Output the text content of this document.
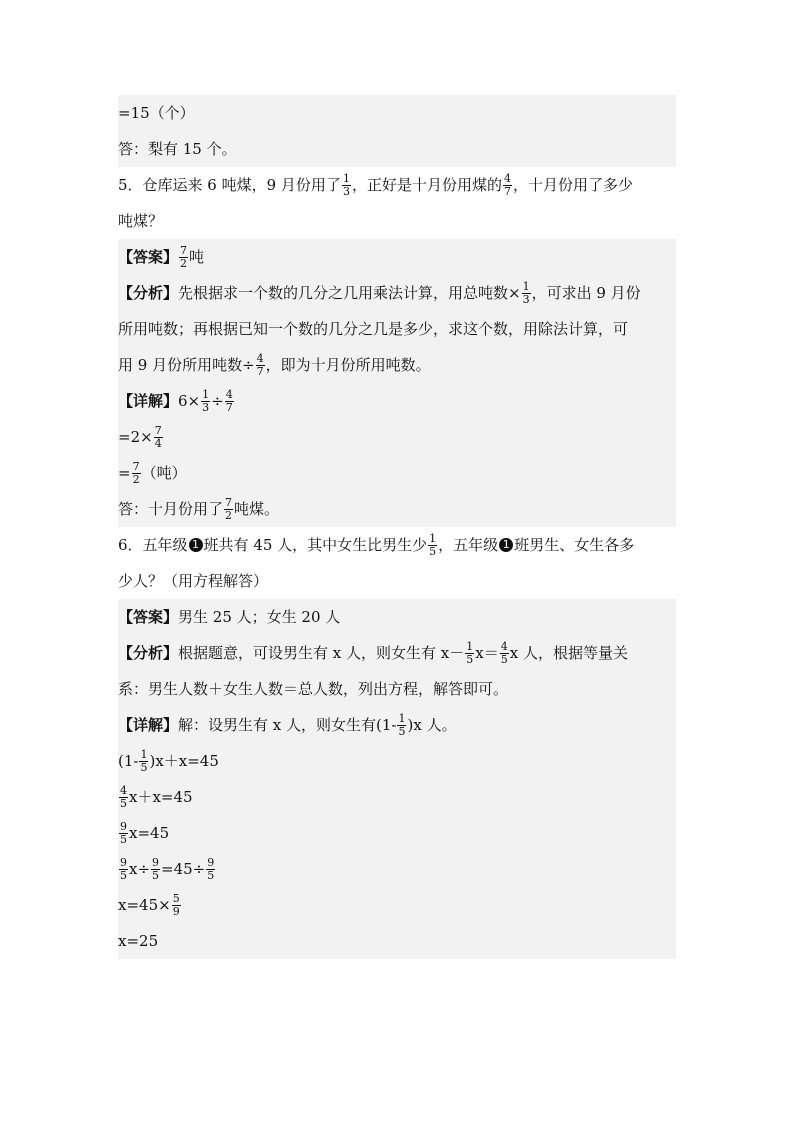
=15（个）
答：梨有 15 个。
5．仓库运来 6 吨煤，9 月份用了 $\frac{1}{3}$ ，正好是十月份用煤的 $\frac{4}{7}$ ，十月份用了多少
吨煤？
【答案】 $\frac{7}{2}$ 吨
【分析】先根据求一个数的几分之几用乘法计算，用总吨数× $\frac{1}{3}$ ，可求出 9 月份
所用吨数；再根据已知一个数的几分之几是多少，求这个数，用除法计算，可
用 9 月份所用吨数÷ $\frac{4}{7}$ ，即为十月份所用吨数。
【详解】$6\times \frac{1}{3} \div \frac{4}{7}$
$=2\times \frac{7}{4}$
= $\frac{7}{2}$ （吨）
答：十月份用了 $\frac{7}{2}$ 吨煤。
6．五年级 1 班共有 45 人，其中女生比男生少 $\frac{1}{5}$ ，五年级 1 班男生、女生各多
少人？（用方程解答）
【答案】男生 25 人；女生 20 人
【分析】根据题意，可设男生有 x 人，则女生有 $x- \frac{1}{5} x= \frac{4}{5}$ x 人，根据等量关
系：男生人数＋女生人数＝总人数，列出方程，解答即可。
【详解】解：设男生有 x 人，则女生有$(1- \frac{1}{5} )x$ 人。
$(1- \frac{1}{5} )x+x=45$
$\frac{4}{5} x+x=45$
$\frac{9}{5} x=45$
$\frac{9}{5} x\div \frac{9}{5} =45\div \frac{9}{5}$
$x=45\times \frac{5}{9}$
x=25
